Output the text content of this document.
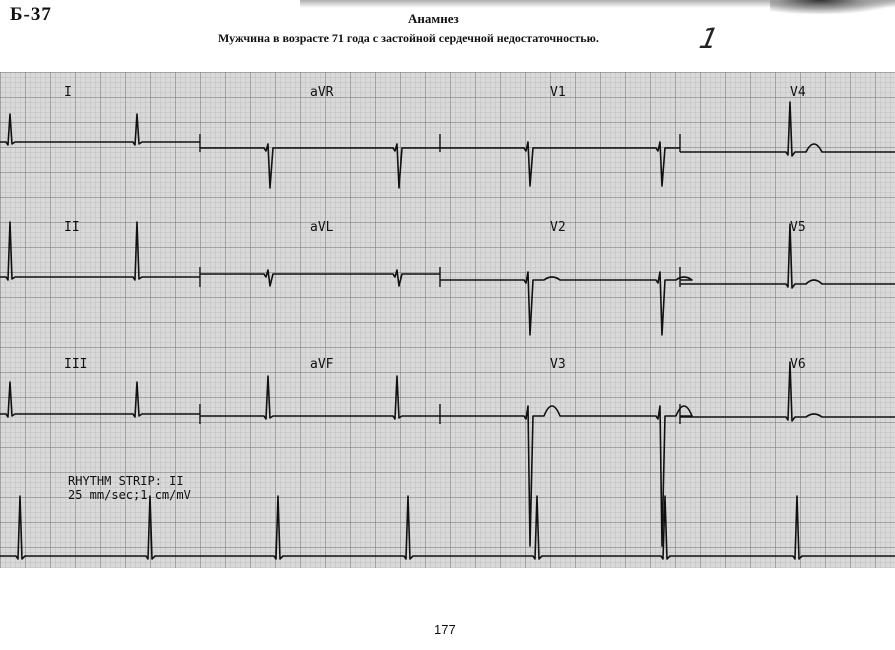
Б-37	Анамнез
Мужчина в возрасте 71 года с застойной сердечной недостаточностью.	1
I	aVR	V1	V4
II	aVL	V2	V5
III	aVF	V3	V6
RHYTHM STRIP: II
25 mm/sec;1 cm/mV
177
